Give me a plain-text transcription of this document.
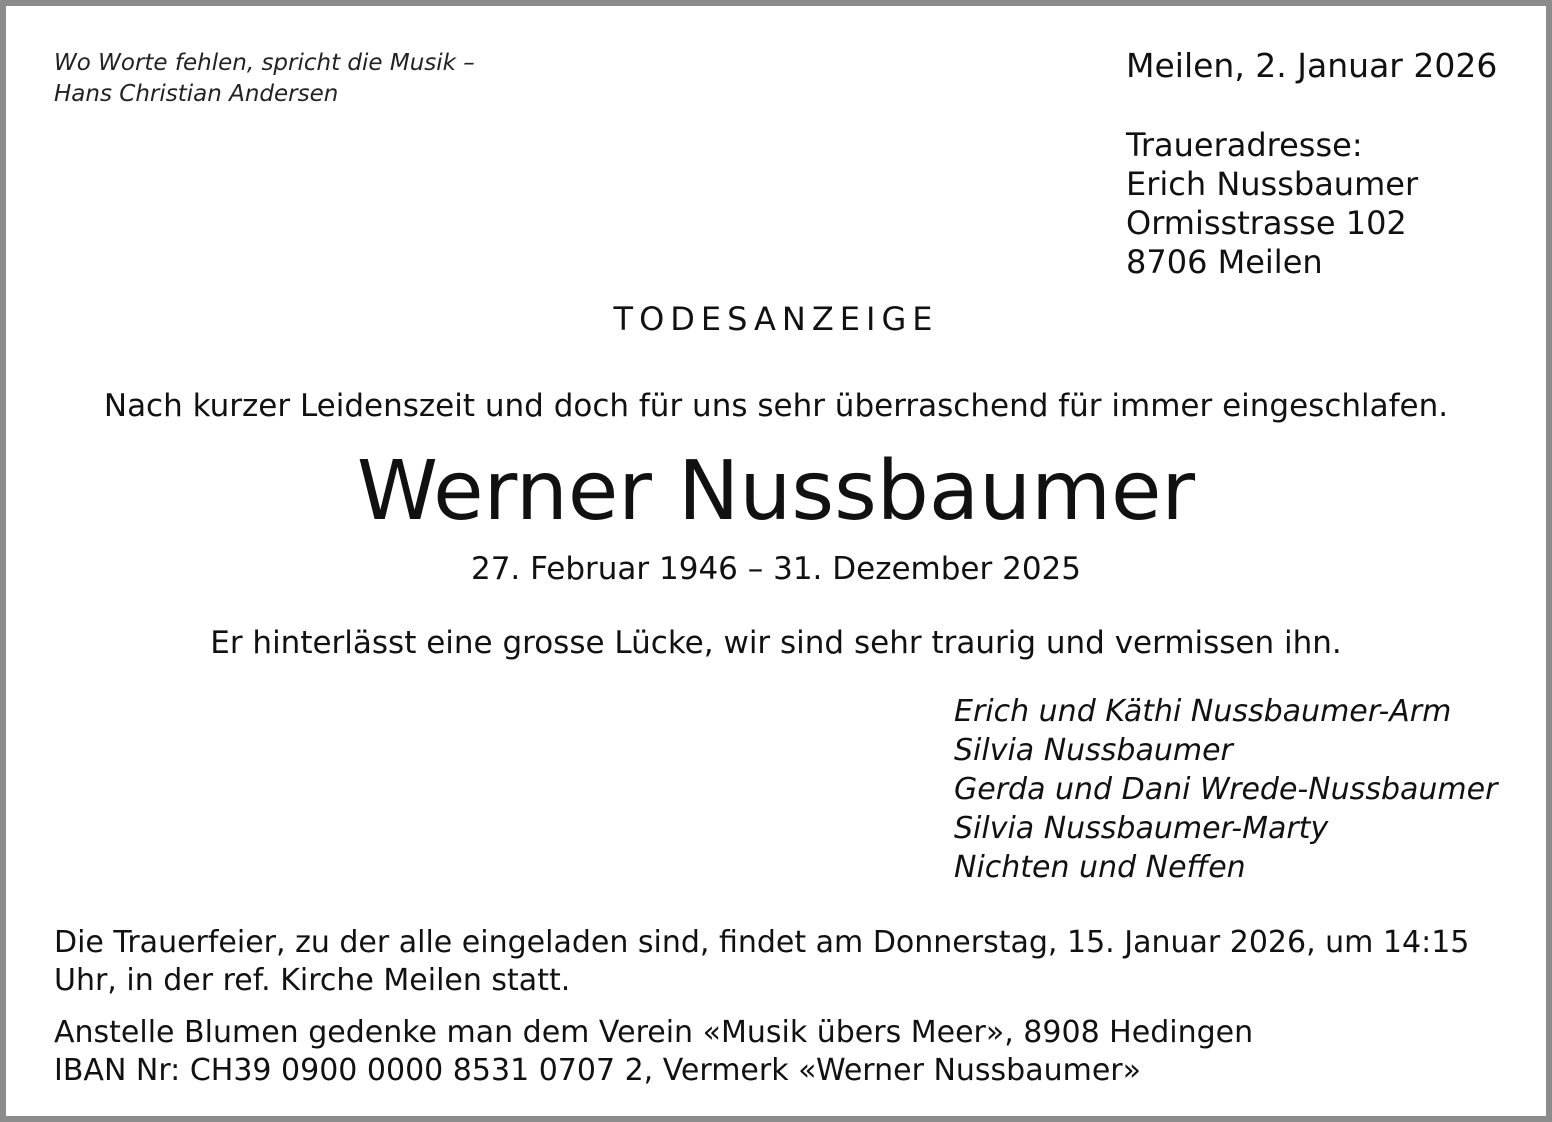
Wo Worte fehlen, spricht die Musik –
Hans Christian Andersen
Meilen, 2. Januar 2026
Traueradresse:
Erich Nussbaumer
Ormisstrasse 102
8706 Meilen
TODESANZEIGE
Nach kurzer Leidenszeit und doch für uns sehr überraschend für immer eingeschlafen.
Werner Nussbaumer
27. Februar 1946 – 31. Dezember 2025
Er hinterlässt eine grosse Lücke, wir sind sehr traurig und vermissen ihn.
Erich und Käthi Nussbaumer-Arm
Silvia Nussbaumer
Gerda und Dani Wrede-Nussbaumer
Silvia Nussbaumer-Marty
Nichten und Neffen
Die Trauerfeier, zu der alle eingeladen sind, findet am Donnerstag, 15. Januar 2026, um 14:15 Uhr, in der ref. Kirche Meilen statt.
Anstelle Blumen gedenke man dem Verein «Musik übers Meer», 8908 Hedingen
IBAN Nr: CH39 0900 0000 8531 0707 2, Vermerk «Werner Nussbaumer»
